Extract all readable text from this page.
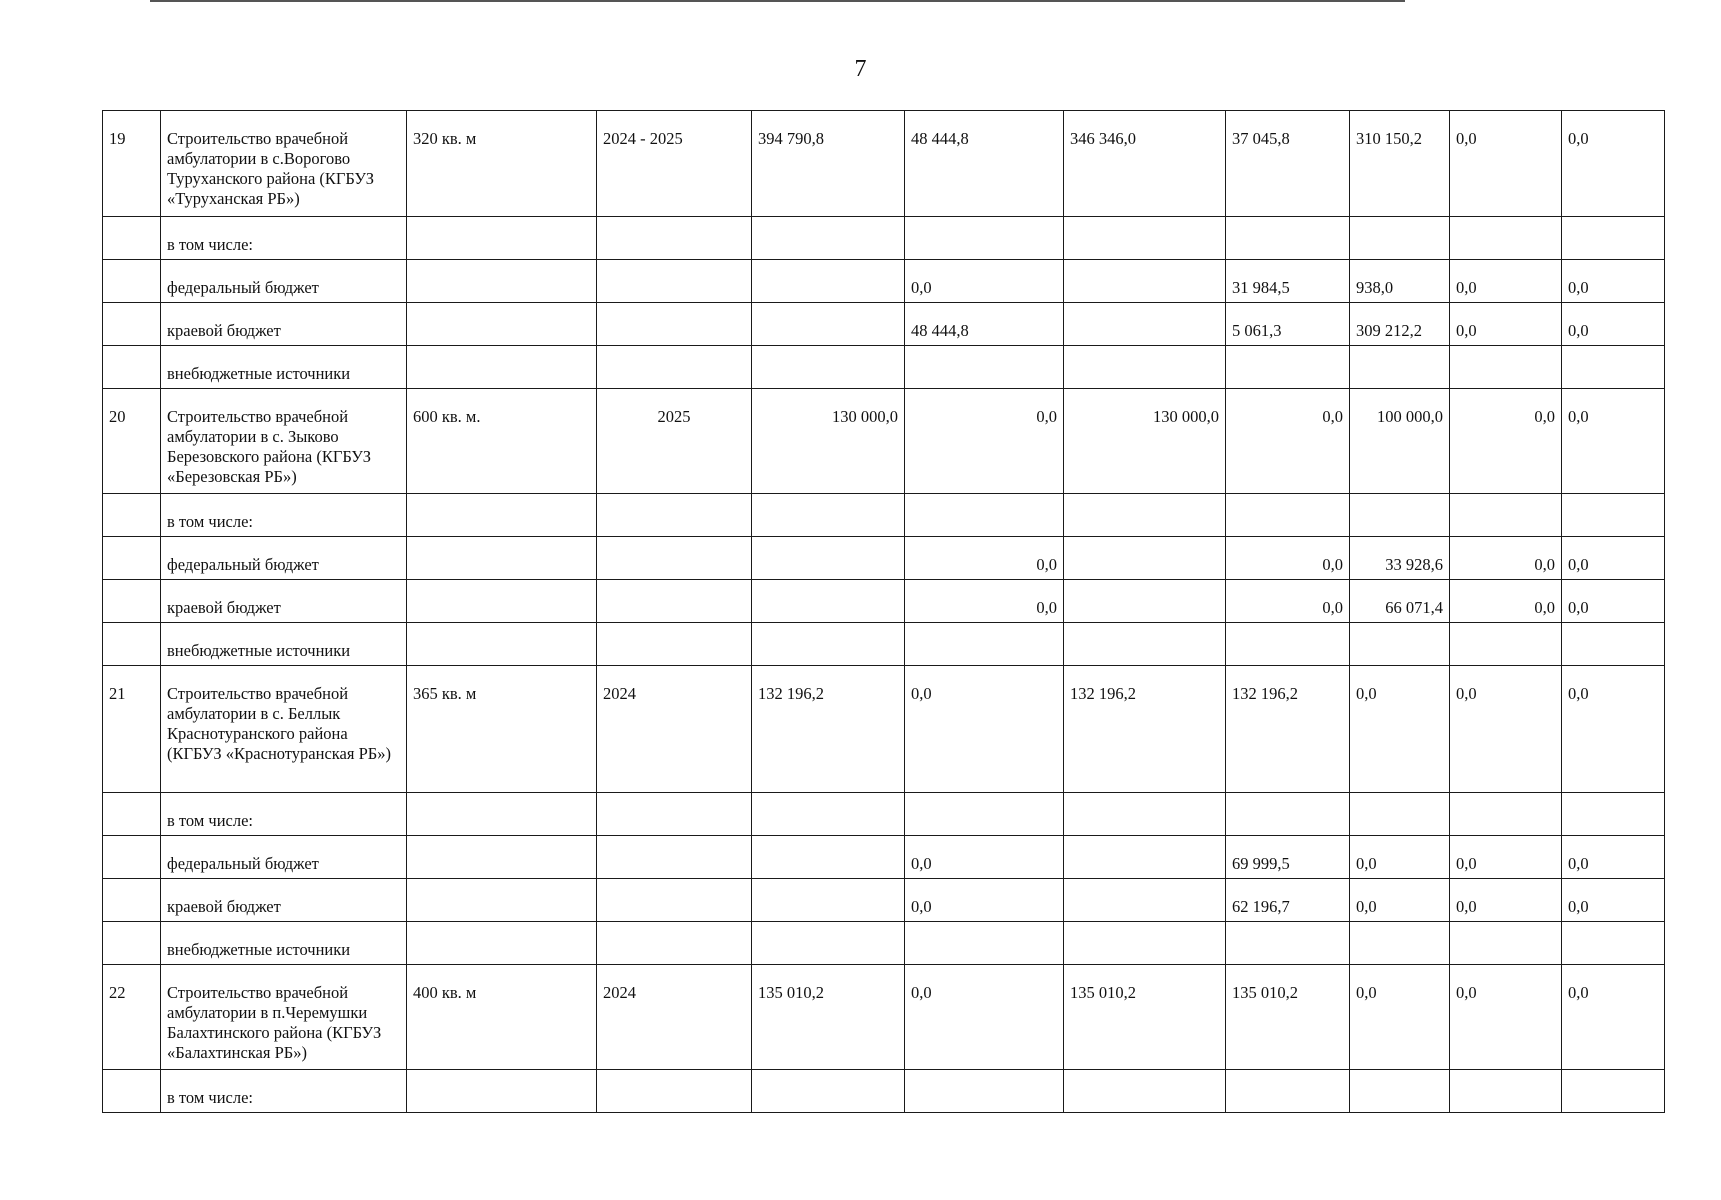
7
19	Строительство врачебной амбулатории в с.Ворогово Туруханского района (КГБУЗ «Туруханская РБ»)	320 кв. м	2024 - 2025	394 790,8	48 444,8	346 346,0	37 045,8	310 150,2	0,0	0,0
	в том числе:									
	федеральный бюджет				0,0		31 984,5	938,0	0,0	0,0
	краевой бюджет				48 444,8		5 061,3	309 212,2	0,0	0,0
	внебюджетные источники									
20	Строительство врачебной амбулатории в с. Зыково Березовского района (КГБУЗ «Березовская РБ»)	600 кв. м.	2025	130 000,0	0,0	130 000,0	0,0	100 000,0	0,0	0,0
	в том числе:									
	федеральный бюджет				0,0		0,0	33 928,6	0,0	0,0
	краевой бюджет				0,0		0,0	66 071,4	0,0	0,0
	внебюджетные источники									
21	Строительство врачебной амбулатории в с. Беллык Краснотуранского района (КГБУЗ «Краснотуранская РБ»)	365 кв. м	2024	132 196,2	0,0	132 196,2	132 196,2	0,0	0,0	0,0
	в том числе:									
	федеральный бюджет				0,0		69 999,5	0,0	0,0	0,0
	краевой бюджет				0,0		62 196,7	0,0	0,0	0,0
	внебюджетные источники									
22	Строительство врачебной амбулатории в п.Черемушки Балахтинского района (КГБУЗ «Балахтинская РБ»)	400 кв. м	2024	135 010,2	0,0	135 010,2	135 010,2	0,0	0,0	0,0
	в том числе:									
